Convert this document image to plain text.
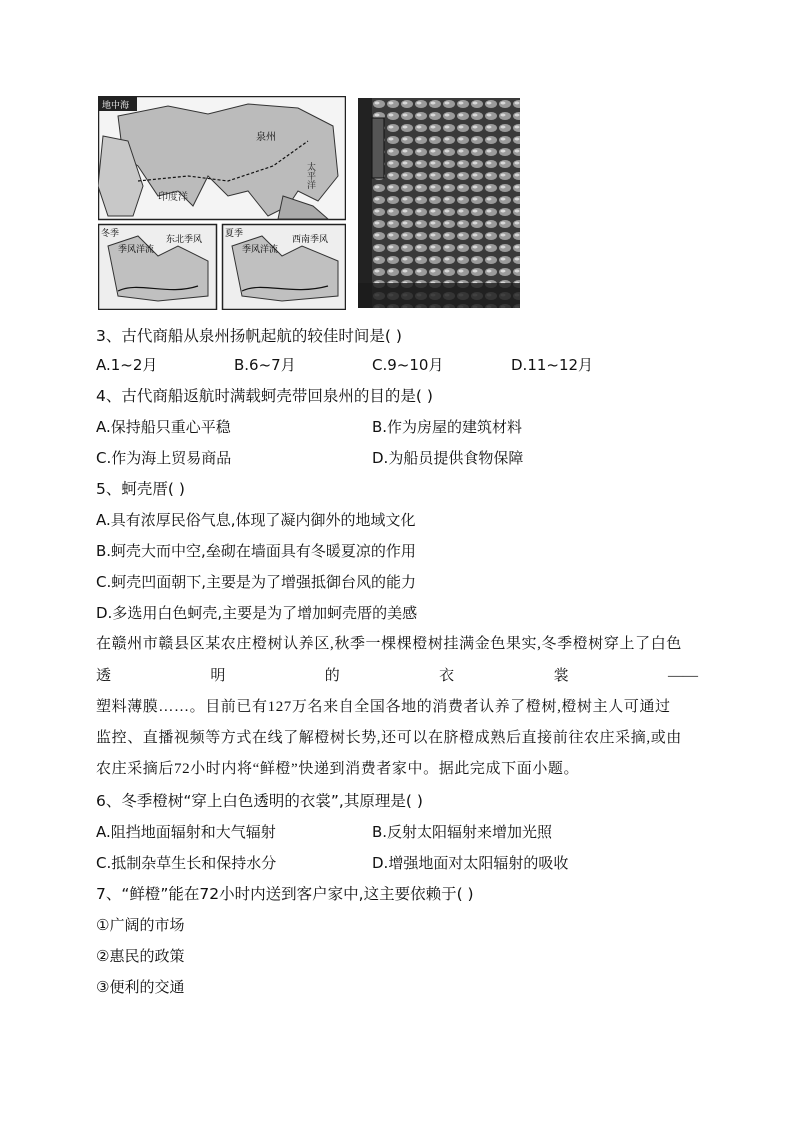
地中海
泉州
太平洋
印度洋
冬季
季风洋流
东北季风
夏季
季风洋流
西南季风
3、古代商船从泉州扬帆起航的较佳时间是( )
A.1~2月	B.6~7月	C.9~10月	D.11~12月
4、古代商船返航时满载蚵壳带回泉州的目的是( )
A.保持船只重心平稳	B.作为房屋的建筑材料
C.作为海上贸易商品	D.为船员提供食物保障
5、蚵壳厝( )
A.具有浓厚民俗气息,体现了凝内御外的地域文化
B.蚵壳大而中空,垒砌在墙面具有冬暖夏凉的作用
C.蚵壳凹面朝下,主要是为了增强抵御台风的能力
D.多选用白色蚵壳,主要是为了增加蚵壳厝的美感
在赣州市赣县区某农庄橙树认养区,秋季一棵棵橙树挂满金色果实,冬季橙树穿上了白色
透	明	的	衣	裳	——
塑料薄膜……。目前已有127万名来自全国各地的消费者认养了橙树,橙树主人可通过
监控、直播视频等方式在线了解橙树长势,还可以在脐橙成熟后直接前往农庄采摘,或由
农庄采摘后72小时内将“鲜橙”快递到消费者家中。据此完成下面小题。
6、冬季橙树“穿上白色透明的衣裳”,其原理是( )
A.阻挡地面辐射和大气辐射	B.反射太阳辐射来增加光照
C.抵制杂草生长和保持水分	D.增强地面对太阳辐射的吸收
7、“鲜橙”能在72小时内送到客户家中,这主要依赖于( )
①广阔的市场
②惠民的政策
③便利的交通
